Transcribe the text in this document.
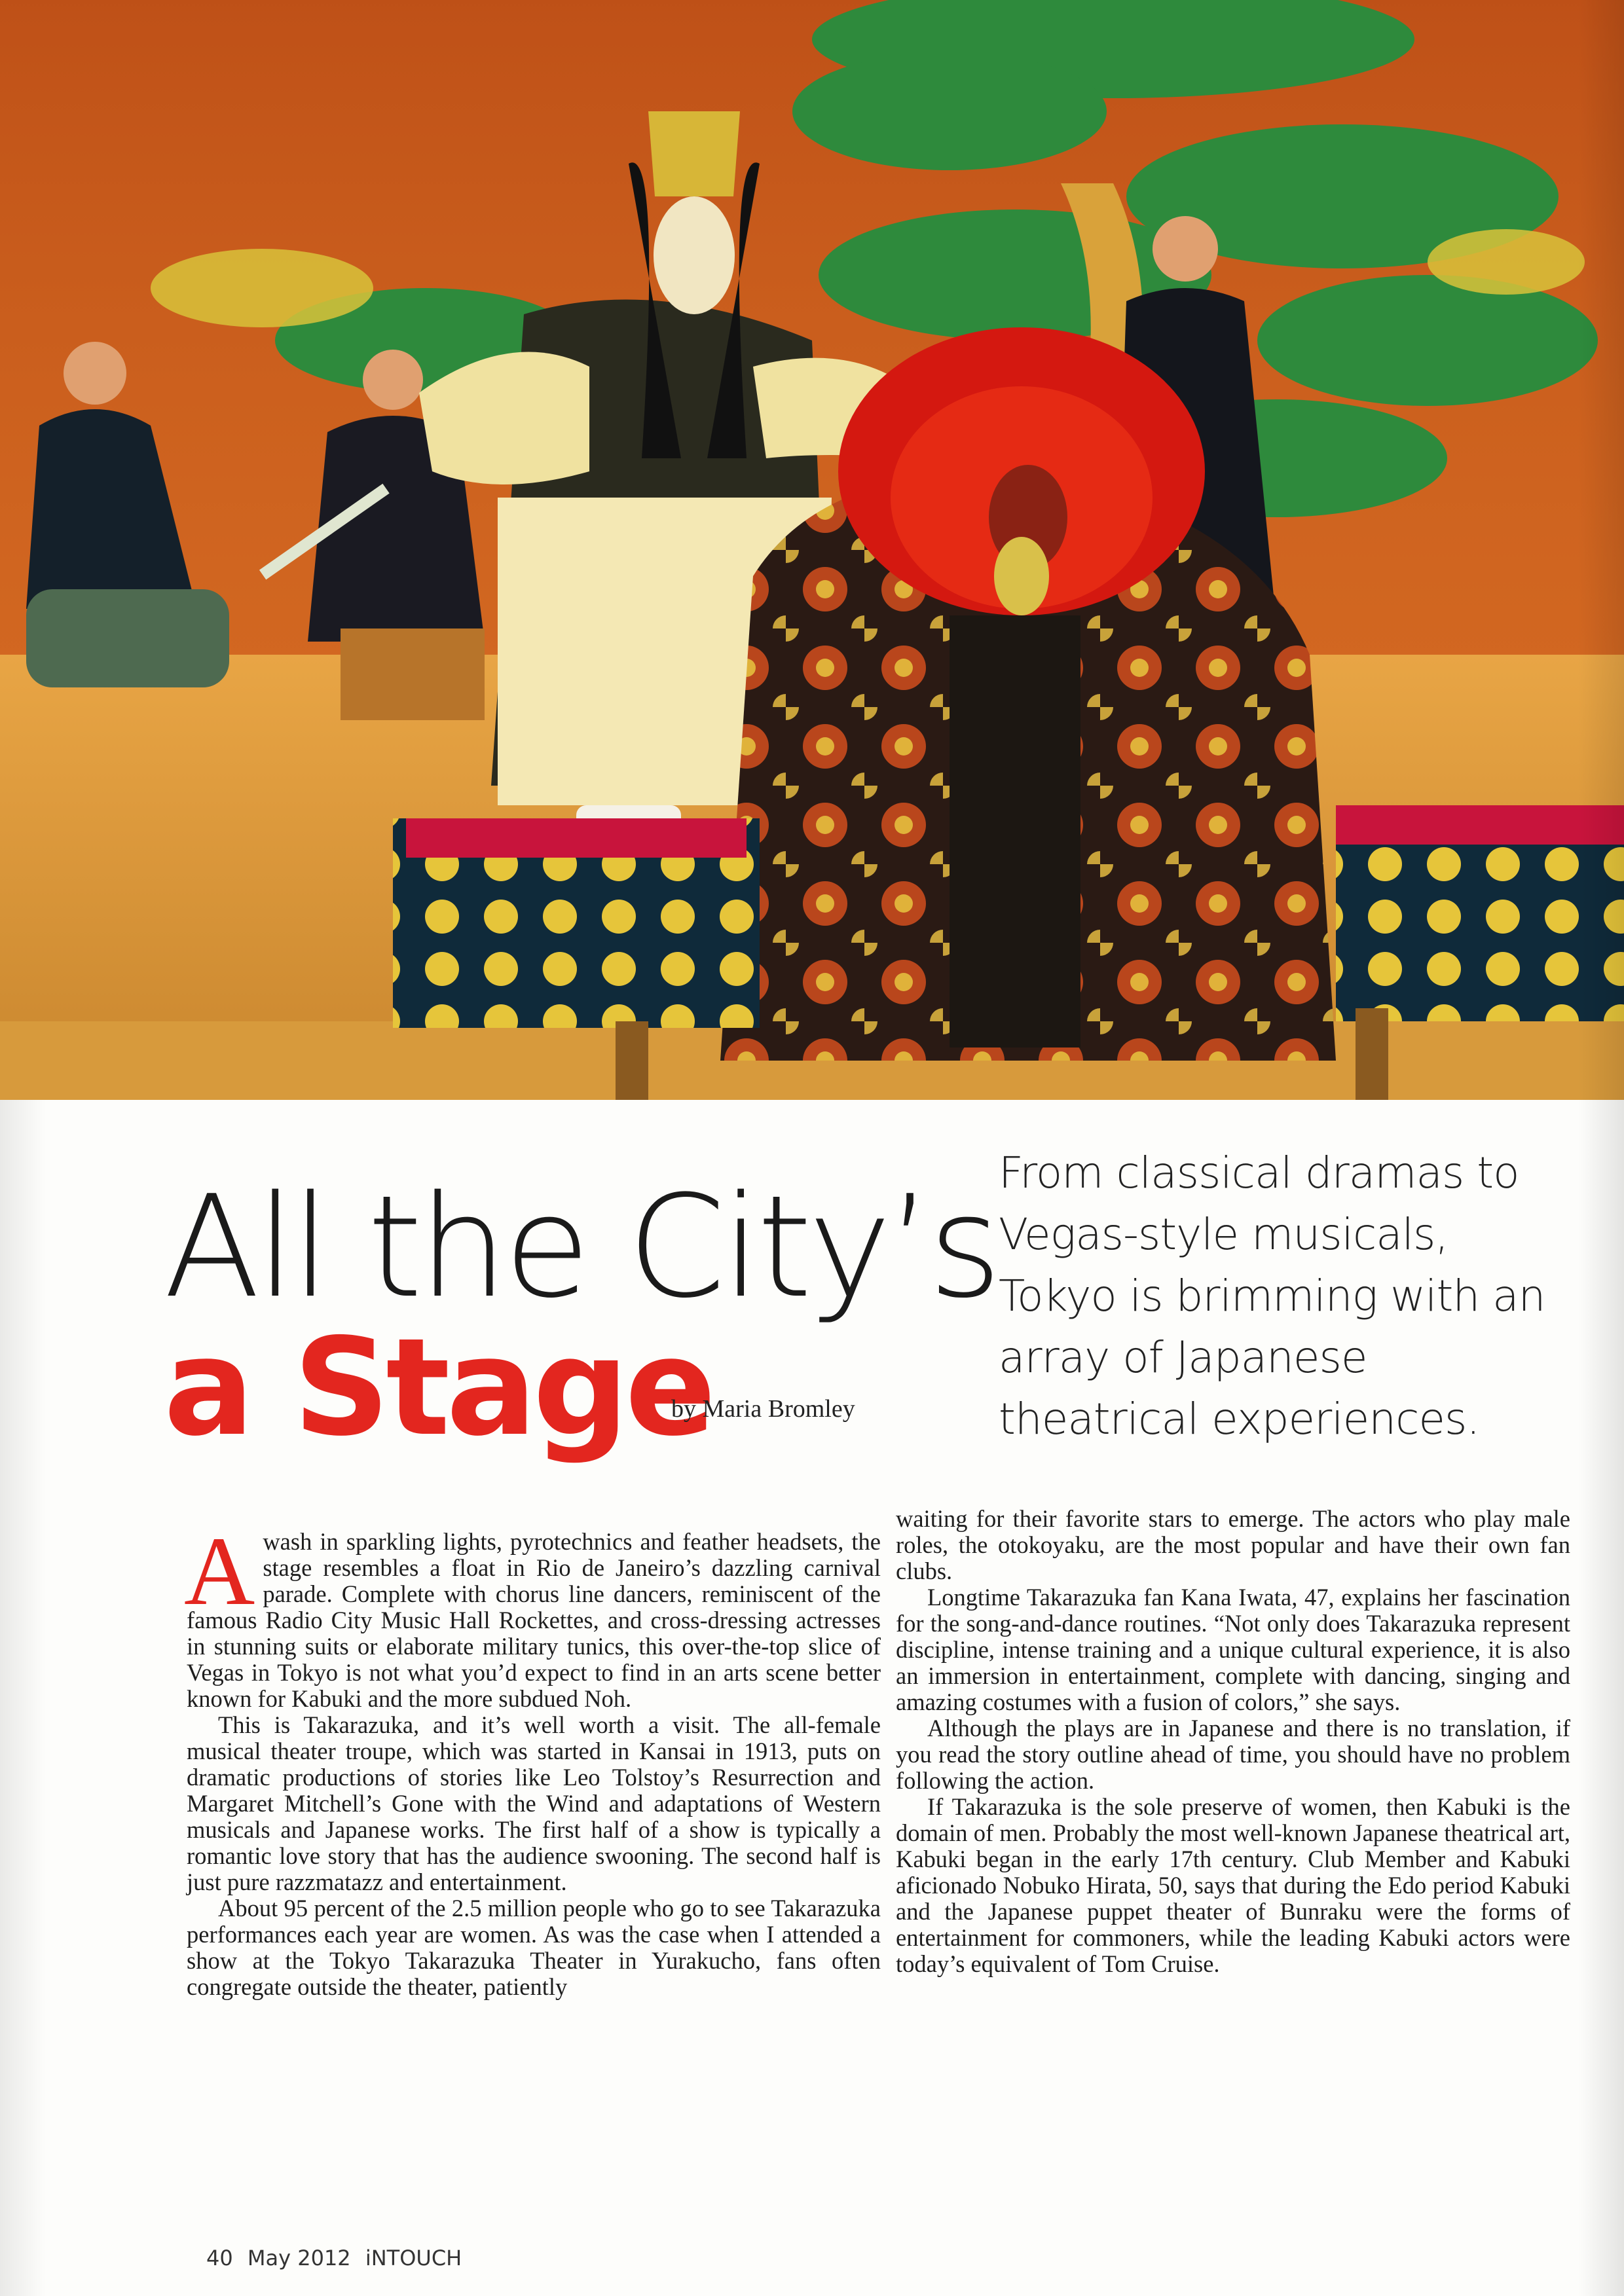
All the City’s
a Stage
by Maria Bromley
From classical dramas to Vegas-style musicals, Tokyo is brimming with an array of Japanese theatrical experiences.

Awash in sparkling lights, pyrotechnics and feather headsets, the stage resembles a float in Rio de Janeiro’s dazzling carnival parade. Complete with chorus line dancers, reminiscent of the famous Radio City Music Hall Rockettes, and cross-dressing actresses in stunning suits or elaborate military tunics, this over-the-top slice of Vegas in Tokyo is not what you’d expect to find in an arts scene better known for Kabuki and the more subdued Noh.

This is Takarazuka, and it’s well worth a visit. The all-female musical theater troupe, which was started in Kansai in 1913, puts on dramatic productions of stories like Leo Tolstoy’s Resurrection and Margaret Mitchell’s Gone with the Wind and adaptations of Western musicals and Japanese works. The first half of a show is typically a romantic love story that has the audience swooning. The second half is just pure razzmatazz and entertainment.

About 95 percent of the 2.5 million people who go to see Takarazuka performances each year are women. As was the case when I attended a show at the Tokyo Takarazuka Theater in Yurakucho, fans often congregate outside the theater, patiently

waiting for their favorite stars to emerge. The actors who play male roles, the otokoyaku, are the most popular and have their own fan clubs.

Longtime Takarazuka fan Kana Iwata, 47, explains her fascination for the song-and-dance routines. “Not only does Takarazuka represent discipline, intense training and a unique cultural experience, it is also an immersion in entertainment, complete with dancing, singing and amazing costumes with a fusion of colors,” she says.

Although the plays are in Japanese and there is no translation, if you read the story outline ahead of time, you should have no problem following the action.

If Takarazuka is the sole preserve of women, then Kabuki is the domain of men. Probably the most well-known Japanese theatrical art, Kabuki began in the early 17th century. Club Member and Kabuki aficionado Nobuko Hirata, 50, says that during the Edo period Kabuki and the Japanese puppet theater of Bunraku were the forms of entertainment for commoners, while the leading Kabuki actors were today’s equivalent of Tom Cruise.

40 May 2012 iNTOUCH
